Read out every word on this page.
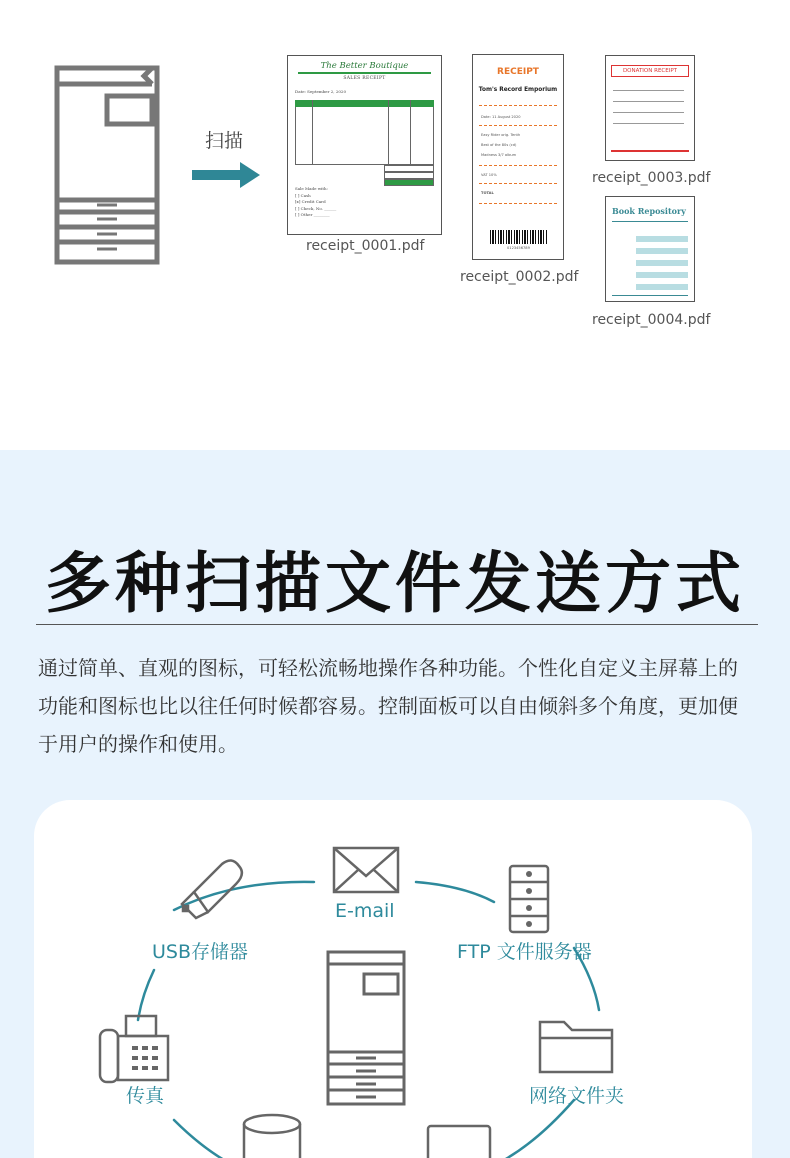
扫描
The Better Boutique
SALES RECEIPT
Date: September 2, 2020
Sale Made with:
[ ] Cash
[x] Credit Card
[ ] Check, No. ______
[ ] Other ________
receipt_0001.pdf
RECEIPT
Tom's Record Emporium
Date: 11 August 2020
Easy Rider orig. Tenth
Best of the 80s (cd)
Madness 3/7 album
VAT 10%
TOTAL
0123456789
receipt_0002.pdf
DONATION RECEIPT
receipt_0003.pdf
Book Repository
receipt_0004.pdf
多种扫描文件发送方式
通过简单、直观的图标，可轻松流畅地操作各种功能。个性化自定义主屏幕上的功能和图标也比以往任何时候都容易。控制面板可以自由倾斜多个角度，更加便于用户的操作和使用。
E-mail
FTP 文件服务器
网络文件夹
USB存储器
传真
